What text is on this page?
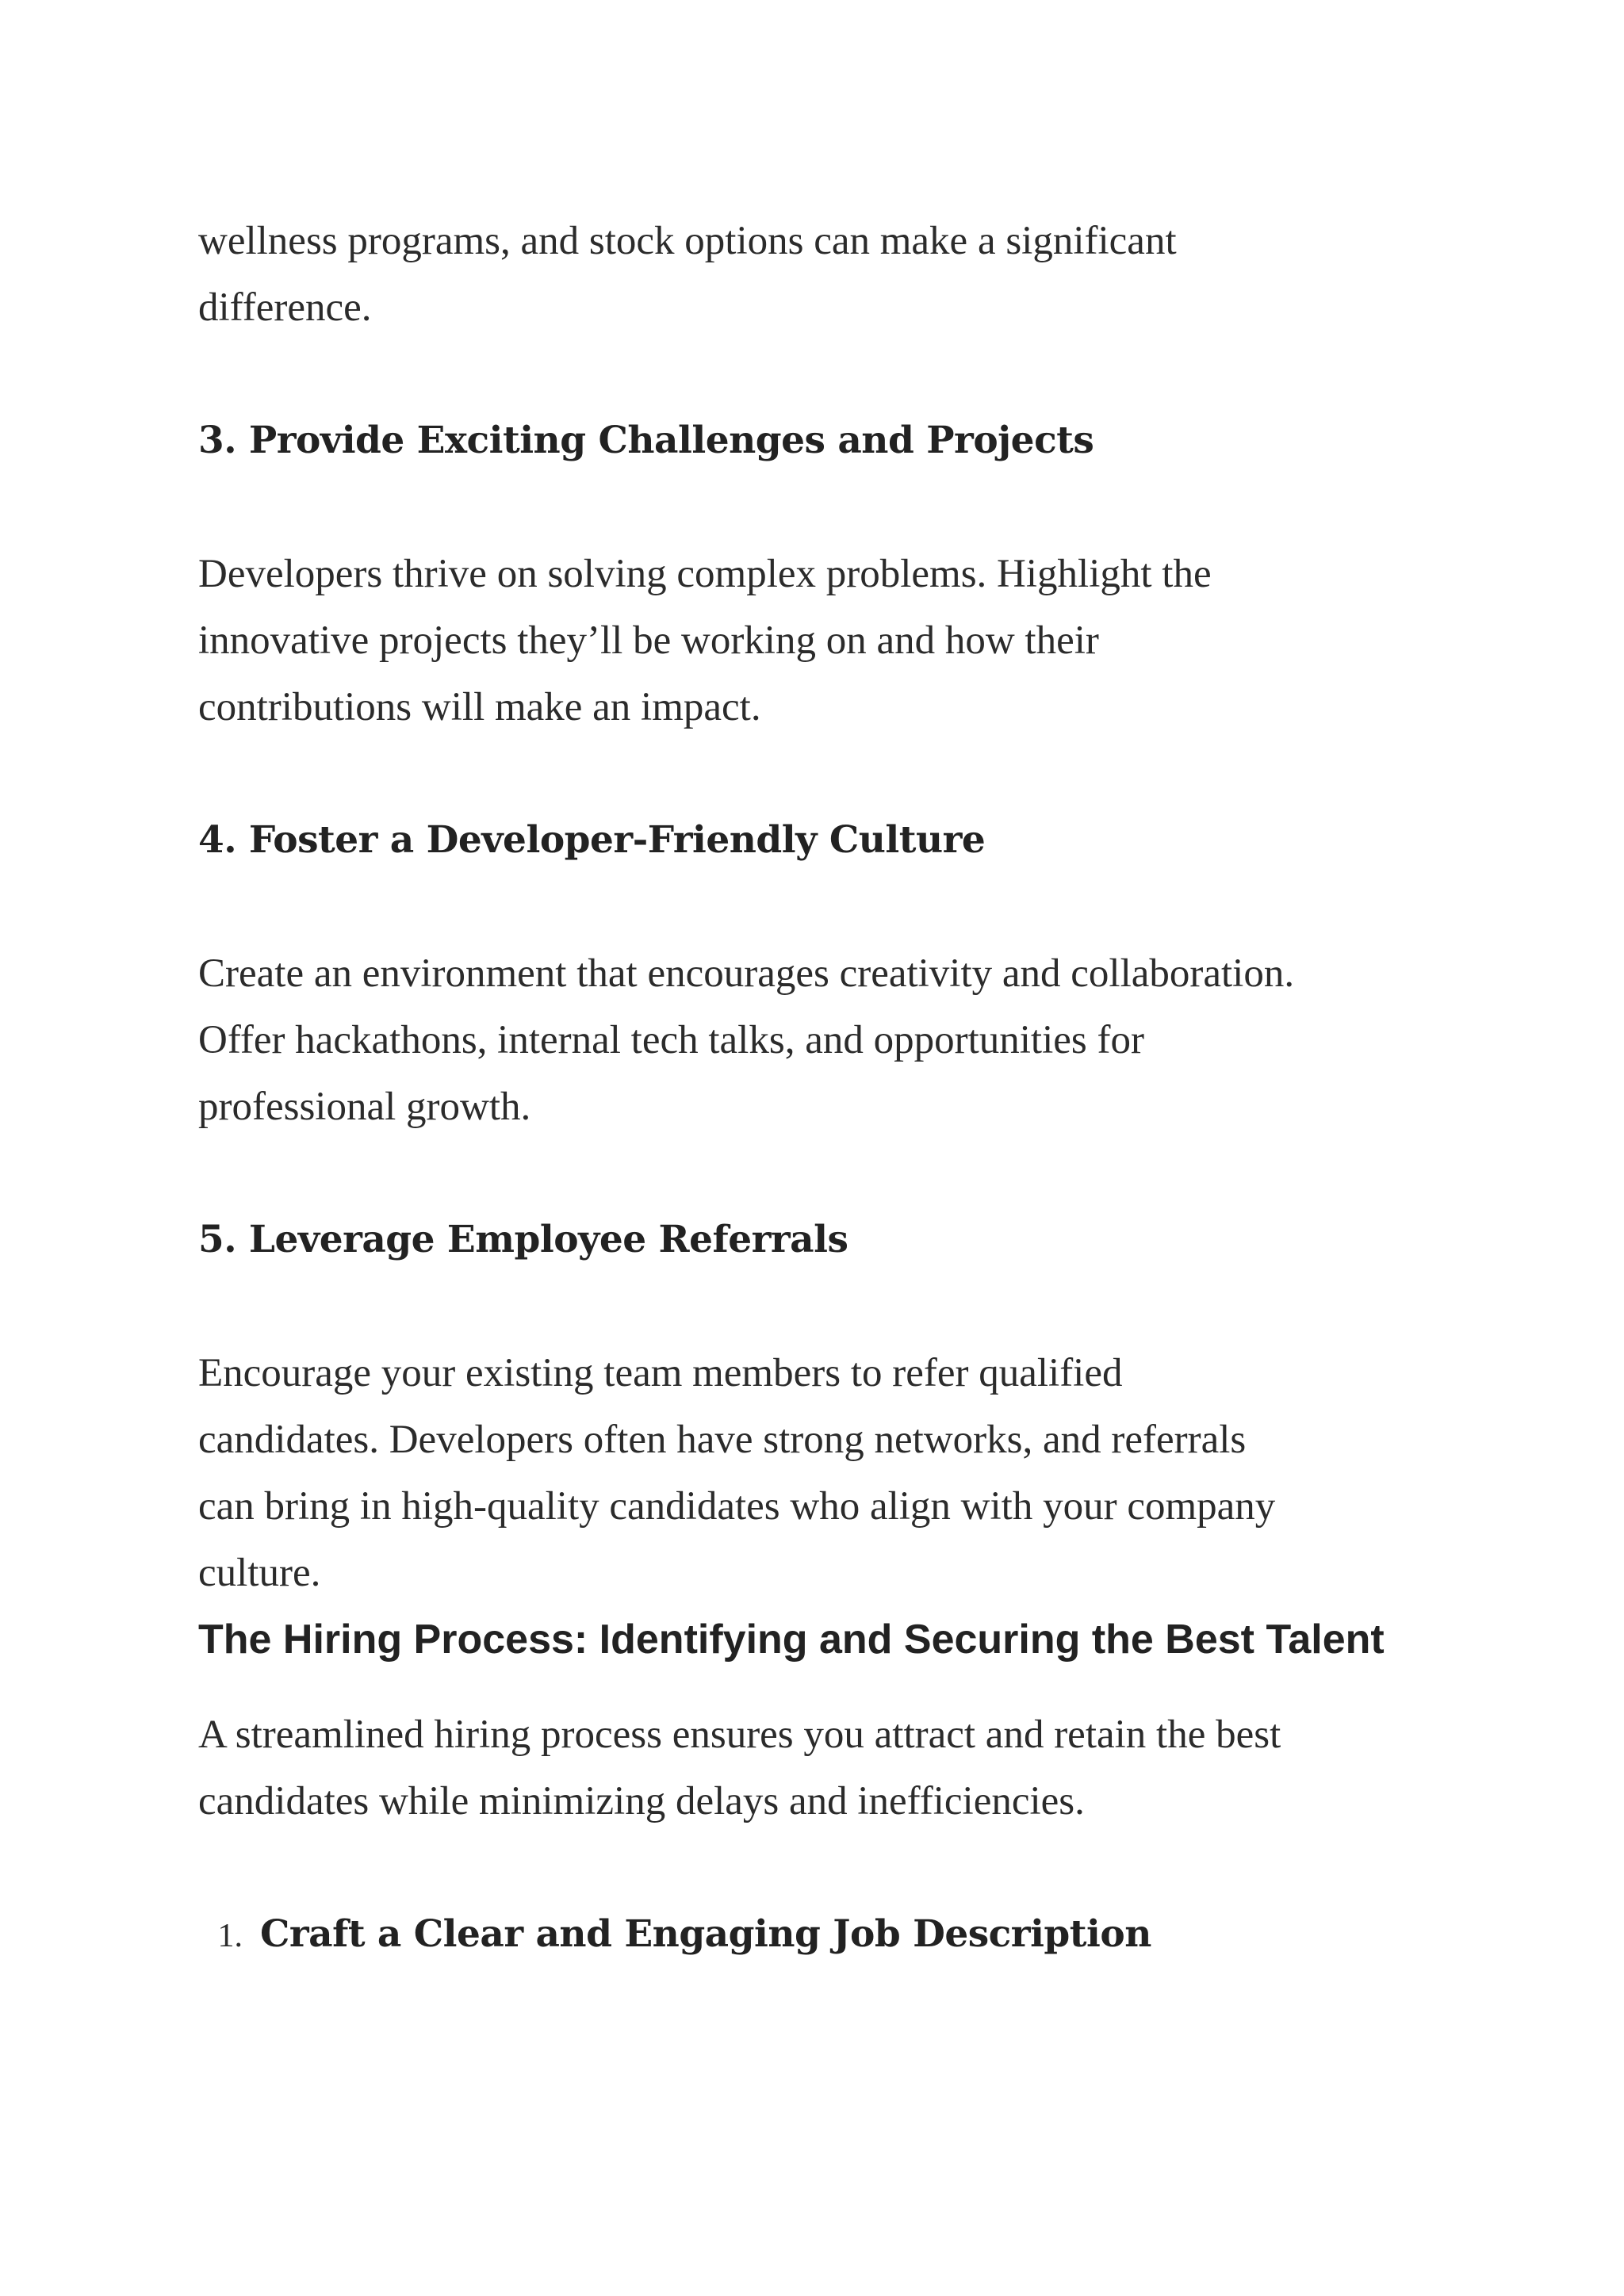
wellness programs, and stock options can make a significant

difference.

3. Provide Exciting Challenges and Projects

Developers thrive on solving complex problems. Highlight the

innovative projects they’ll be working on and how their

contributions will make an impact.

4. Foster a Developer-Friendly Culture

Create an environment that encourages creativity and collaboration.

Offer hackathons, internal tech talks, and opportunities for

professional growth.

5. Leverage Employee Referrals

Encourage your existing team members to refer qualified

candidates. Developers often have strong networks, and referrals

can bring in high-quality candidates who align with your company

culture.

The Hiring Process: Identifying and Securing the Best Talent

A streamlined hiring process ensures you attract and retain the best

candidates while minimizing delays and inefficiencies.

1. Craft a Clear and Engaging Job Description
